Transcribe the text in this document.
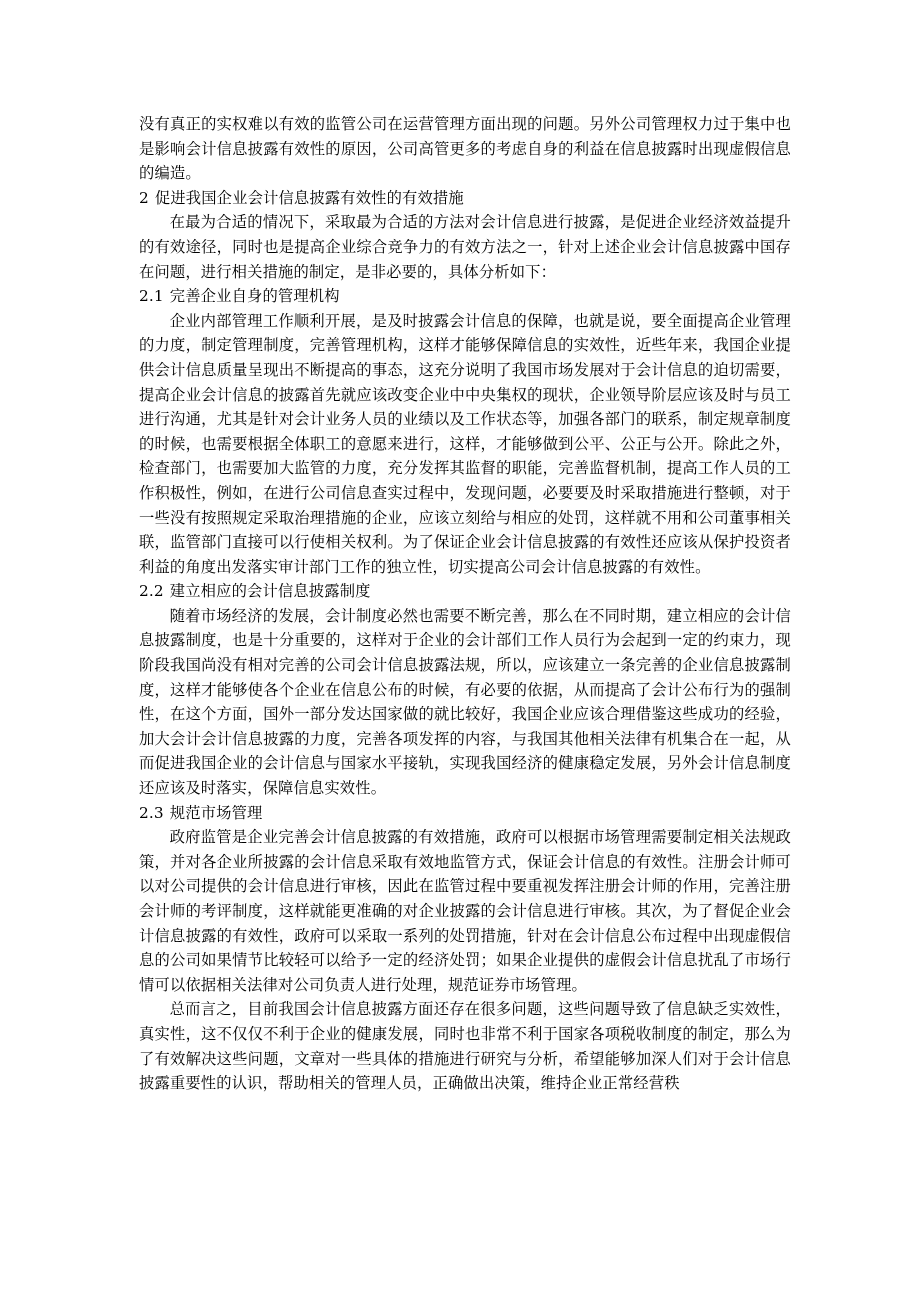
没有真正的实权难以有效的监管公司在运营管理方面出现的问题。另外公司管理权力过于集中也是影响会计信息披露有效性的原因，公司高管更多的考虑自身的利益在信息披露时出现虚假信息的编造。

2 促进我国企业会计信息披露有效性的有效措施

在最为合适的情况下，采取最为合适的方法对会计信息进行披露，是促进企业经济效益提升的有效途径，同时也是提高企业综合竞争力的有效方法之一，针对上述企业会计信息披露中国存在问题，进行相关措施的制定，是非必要的，具体分析如下：

2.1 完善企业自身的管理机构

企业内部管理工作顺利开展，是及时披露会计信息的保障，也就是说，要全面提高企业管理的力度，制定管理制度，完善管理机构，这样才能够保障信息的实效性，近些年来，我国企业提供会计信息质量呈现出不断提高的事态，这充分说明了我国市场发展对于会计信息的迫切需要，提高企业会计信息的披露首先就应该改变企业中中央集权的现状，企业领导阶层应该及时与员工进行沟通，尤其是针对会计业务人员的业绩以及工作状态等，加强各部门的联系，制定规章制度的时候，也需要根据全体职工的意愿来进行，这样，才能够做到公平、公正与公开。除此之外，检查部门，也需要加大监管的力度，充分发挥其监督的职能，完善监督机制，提高工作人员的工作积极性，例如，在进行公司信息查实过程中，发现问题，必要要及时采取措施进行整顿，对于一些没有按照规定采取治理措施的企业，应该立刻给与相应的处罚，这样就不用和公司董事相关联，监管部门直接可以行使相关权利。为了保证企业会计信息披露的有效性还应该从保护投资者利益的角度出发落实审计部门工作的独立性，切实提高公司会计信息披露的有效性。

2.2 建立相应的会计信息披露制度

随着市场经济的发展，会计制度必然也需要不断完善，那么在不同时期，建立相应的会计信息披露制度，也是十分重要的，这样对于企业的会计部们工作人员行为会起到一定的约束力，现阶段我国尚没有相对完善的公司会计信息披露法规，所以，应该建立一条完善的企业信息披露制度，这样才能够使各个企业在信息公布的时候，有必要的依据，从而提高了会计公布行为的强制性，在这个方面，国外一部分发达国家做的就比较好，我国企业应该合理借鉴这些成功的经验，加大会计会计信息披露的力度，完善各项发挥的内容，与我国其他相关法律有机集合在一起，从而促进我国企业的会计信息与国家水平接轨，实现我国经济的健康稳定发展，另外会计信息制度还应该及时落实，保障信息实效性。

2.3 规范市场管理

政府监管是企业完善会计信息披露的有效措施，政府可以根据市场管理需要制定相关法规政策，并对各企业所披露的会计信息采取有效地监管方式，保证会计信息的有效性。注册会计师可以对公司提供的会计信息进行审核，因此在监管过程中要重视发挥注册会计师的作用，完善注册会计师的考评制度，这样就能更准确的对企业披露的会计信息进行审核。其次，为了督促企业会计信息披露的有效性，政府可以采取一系列的处罚措施，针对在会计信息公布过程中出现虚假信息的公司如果情节比较轻可以给予一定的经济处罚；如果企业提供的虚假会计信息扰乱了市场行情可以依据相关法律对公司负责人进行处理，规范证券市场管理。

总而言之，目前我国会计信息披露方面还存在很多问题，这些问题导致了信息缺乏实效性，真实性，这不仅仅不利于企业的健康发展，同时也非常不利于国家各项税收制度的制定，那么为了有效解决这些问题，文章对一些具体的措施进行研究与分析，希望能够加深人们对于会计信息披露重要性的认识，帮助相关的管理人员，正确做出决策，维持企业正常经营秩
